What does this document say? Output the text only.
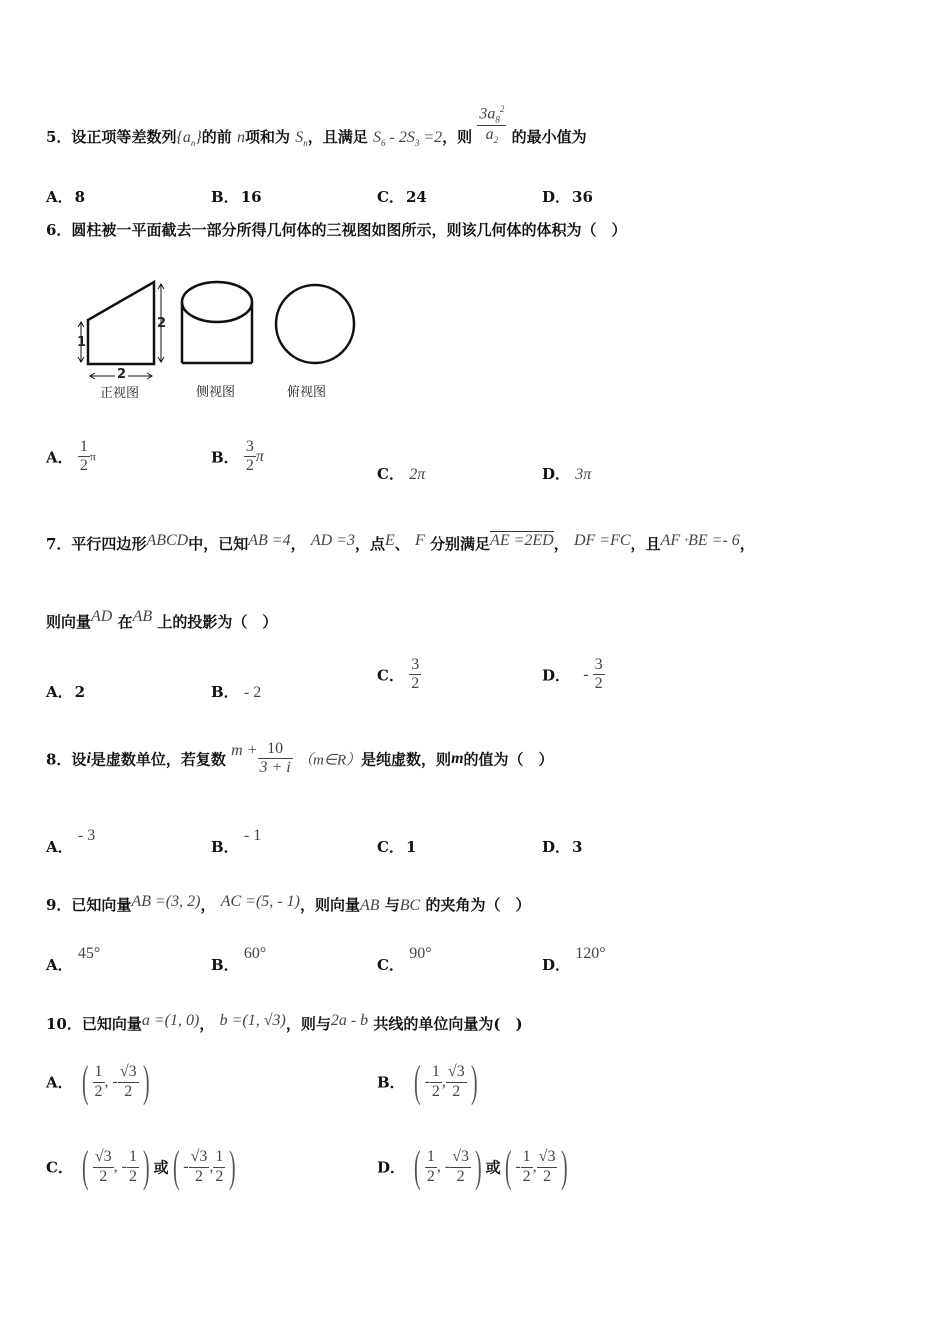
5．设正项等差数列$\{a_n\}$的前 n项和为 $S_n$，且满足 $S_6 - 2S_3 =2$，则 $\frac{3a_8^2}{a_2}$ 的最小值为
A． 8	B． 16	C． 24	D． 36
6．圆柱被一平面截去一部分所得几何体的三视图如图所示，则该几何体的体积为（　）
1
2
2
正视图	侧视图	俯视图
A． $\frac{1}{2}$ π	B． $\frac{3}{2}$ π
C． 2π	D． 3π
7．平行四边形ABCD中，已知AB =4， AD =3，点E、 F 分别满足AE =2ED， DF =FC，且AF ·BE =- 6，
则向量AD 在AB 上的投影为（　）
A． 2	B． - 2
C． $\frac{3}{2}$	D． - $\frac{3}{2}$
8．设i是虚数单位，若复数 $m + \frac{10}{3 + i}$ （m∈R）是纯虚数，则m的值为（　）
A． - 3
B． - 1
C． 1	D． 3
9．已知向量AB =(3, 2)， AC =(5, - 1)，则向量AB 与BC 的夹角为（　）
A． 45°
B． 60°
C． 90°
D． 120°
10．已知向量a =(1, 0)， b =(1, √3)，则与2a - b 共线的单位向量为(　)
A． ( $\frac{1}{2}$ , - $\frac{√3}{2}$ )	B． ( - $\frac{1}{2}$ , $\frac{√3}{2}$ )
C． ( $\frac{√3}{2}$ , - $\frac{1}{2}$ ) 或( - $\frac{√3}{2}$ , $\frac{1}{2}$ )	D． ( $\frac{1}{2}$ , - $\frac{√3}{2}$ ) 或( - $\frac{1}{2}$ , $\frac{√3}{2}$ )
